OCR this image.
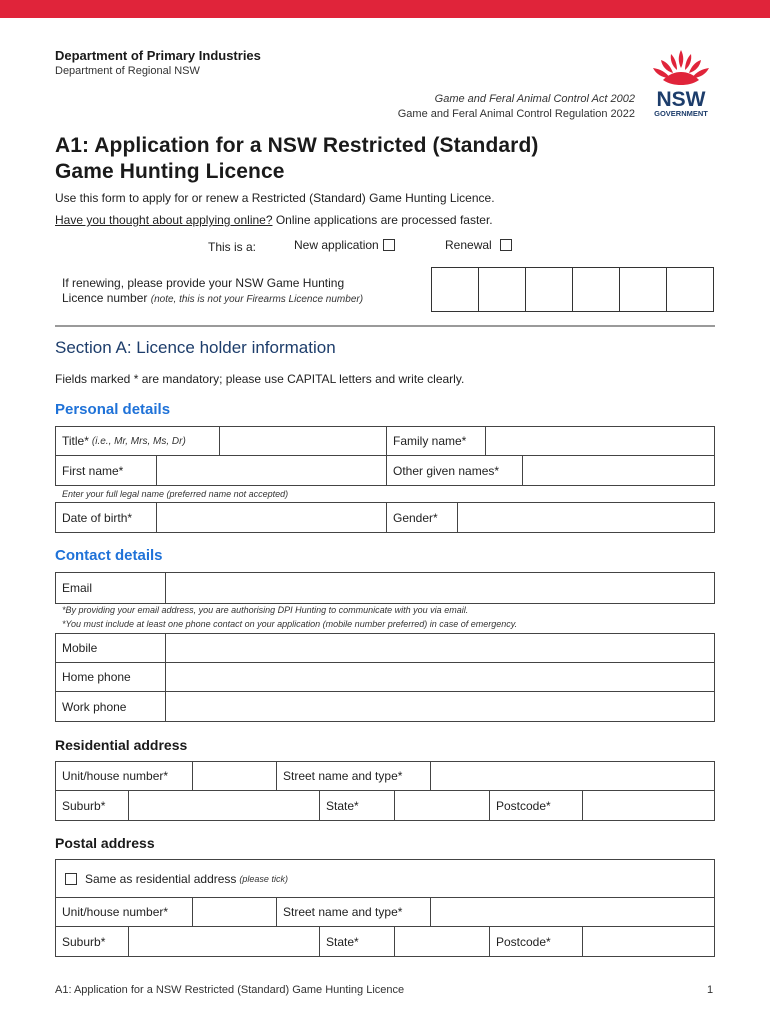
Department of Primary Industries
Department of Regional NSW
Game and Feral Animal Control Act 2002
Game and Feral Animal Control Regulation 2022
NSW
GOVERNMENT
A1: Application for a NSW Restricted (Standard)
Game Hunting Licence
Use this form to apply for or renew a Restricted (Standard) Game Hunting Licence.
Have you thought about applying online? Online applications are processed faster.
This is a:	New application	Renewal
If renewing, please provide your NSW Game Hunting
Licence number (note, this is not your Firearms Licence number)
Section A: Licence holder information
Fields marked * are mandatory; please use CAPITAL letters and write clearly.
Personal details
Title* (i.e., Mr, Mrs, Ms, Dr)	Family name*
First name*	Other given names*
Enter your full legal name (preferred name not accepted)
Date of birth*	Gender*
Contact details
Email
*By providing your email address, you are authorising DPI Hunting to communicate with you via email.
*You must include at least one phone contact on your application (mobile number preferred) in case of emergency.
Mobile
Home phone
Work phone
Residential address
Unit/house number*	Street name and type*
Suburb*	State*	Postcode*
Postal address
Same as residential address (please tick)
Unit/house number*	Street name and type*
Suburb*	State*	Postcode*
A1: Application for a NSW Restricted (Standard) Game Hunting Licence	1
